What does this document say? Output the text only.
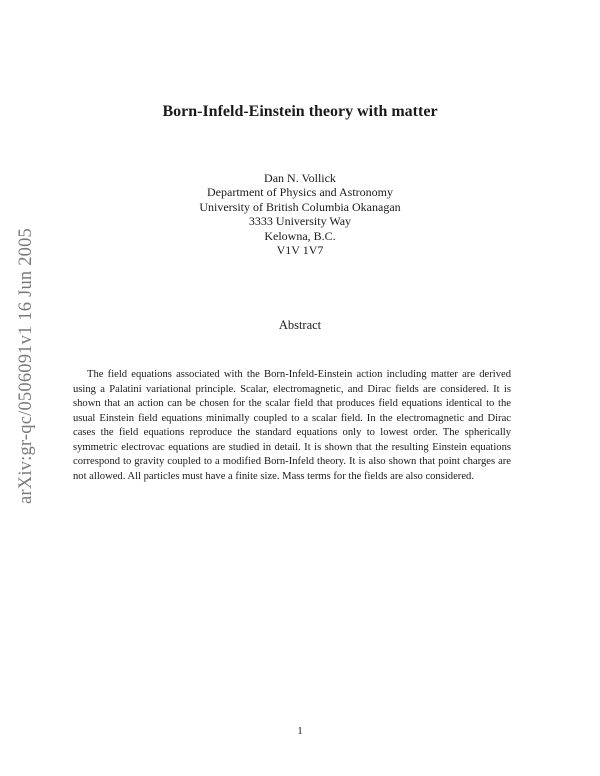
arXiv:gr-qc/0506091v1 16 Jun 2005
Born-Infeld-Einstein theory with matter
Dan N. Vollick
Department of Physics and Astronomy
University of British Columbia Okanagan
3333 University Way
Kelowna, B.C.
V1V 1V7
Abstract

The field equations associated with the Born-Infeld-Einstein action including matter are derived using a Palatini variational principle. Scalar, electromagnetic, and Dirac fields are considered. It is shown that an action can be chosen for the scalar field that produces field equations identical to the usual Einstein field equations minimally coupled to a scalar field. In the electromagnetic and Dirac cases the field equations reproduce the standard equations only to lowest order. The spherically symmetric electrovac equations are studied in detail. It is shown that the resulting Einstein equations correspond to gravity coupled to a modified Born-Infeld theory. It is also shown that point charges are not allowed. All particles must have a finite size. Mass terms for the fields are also considered.

1
